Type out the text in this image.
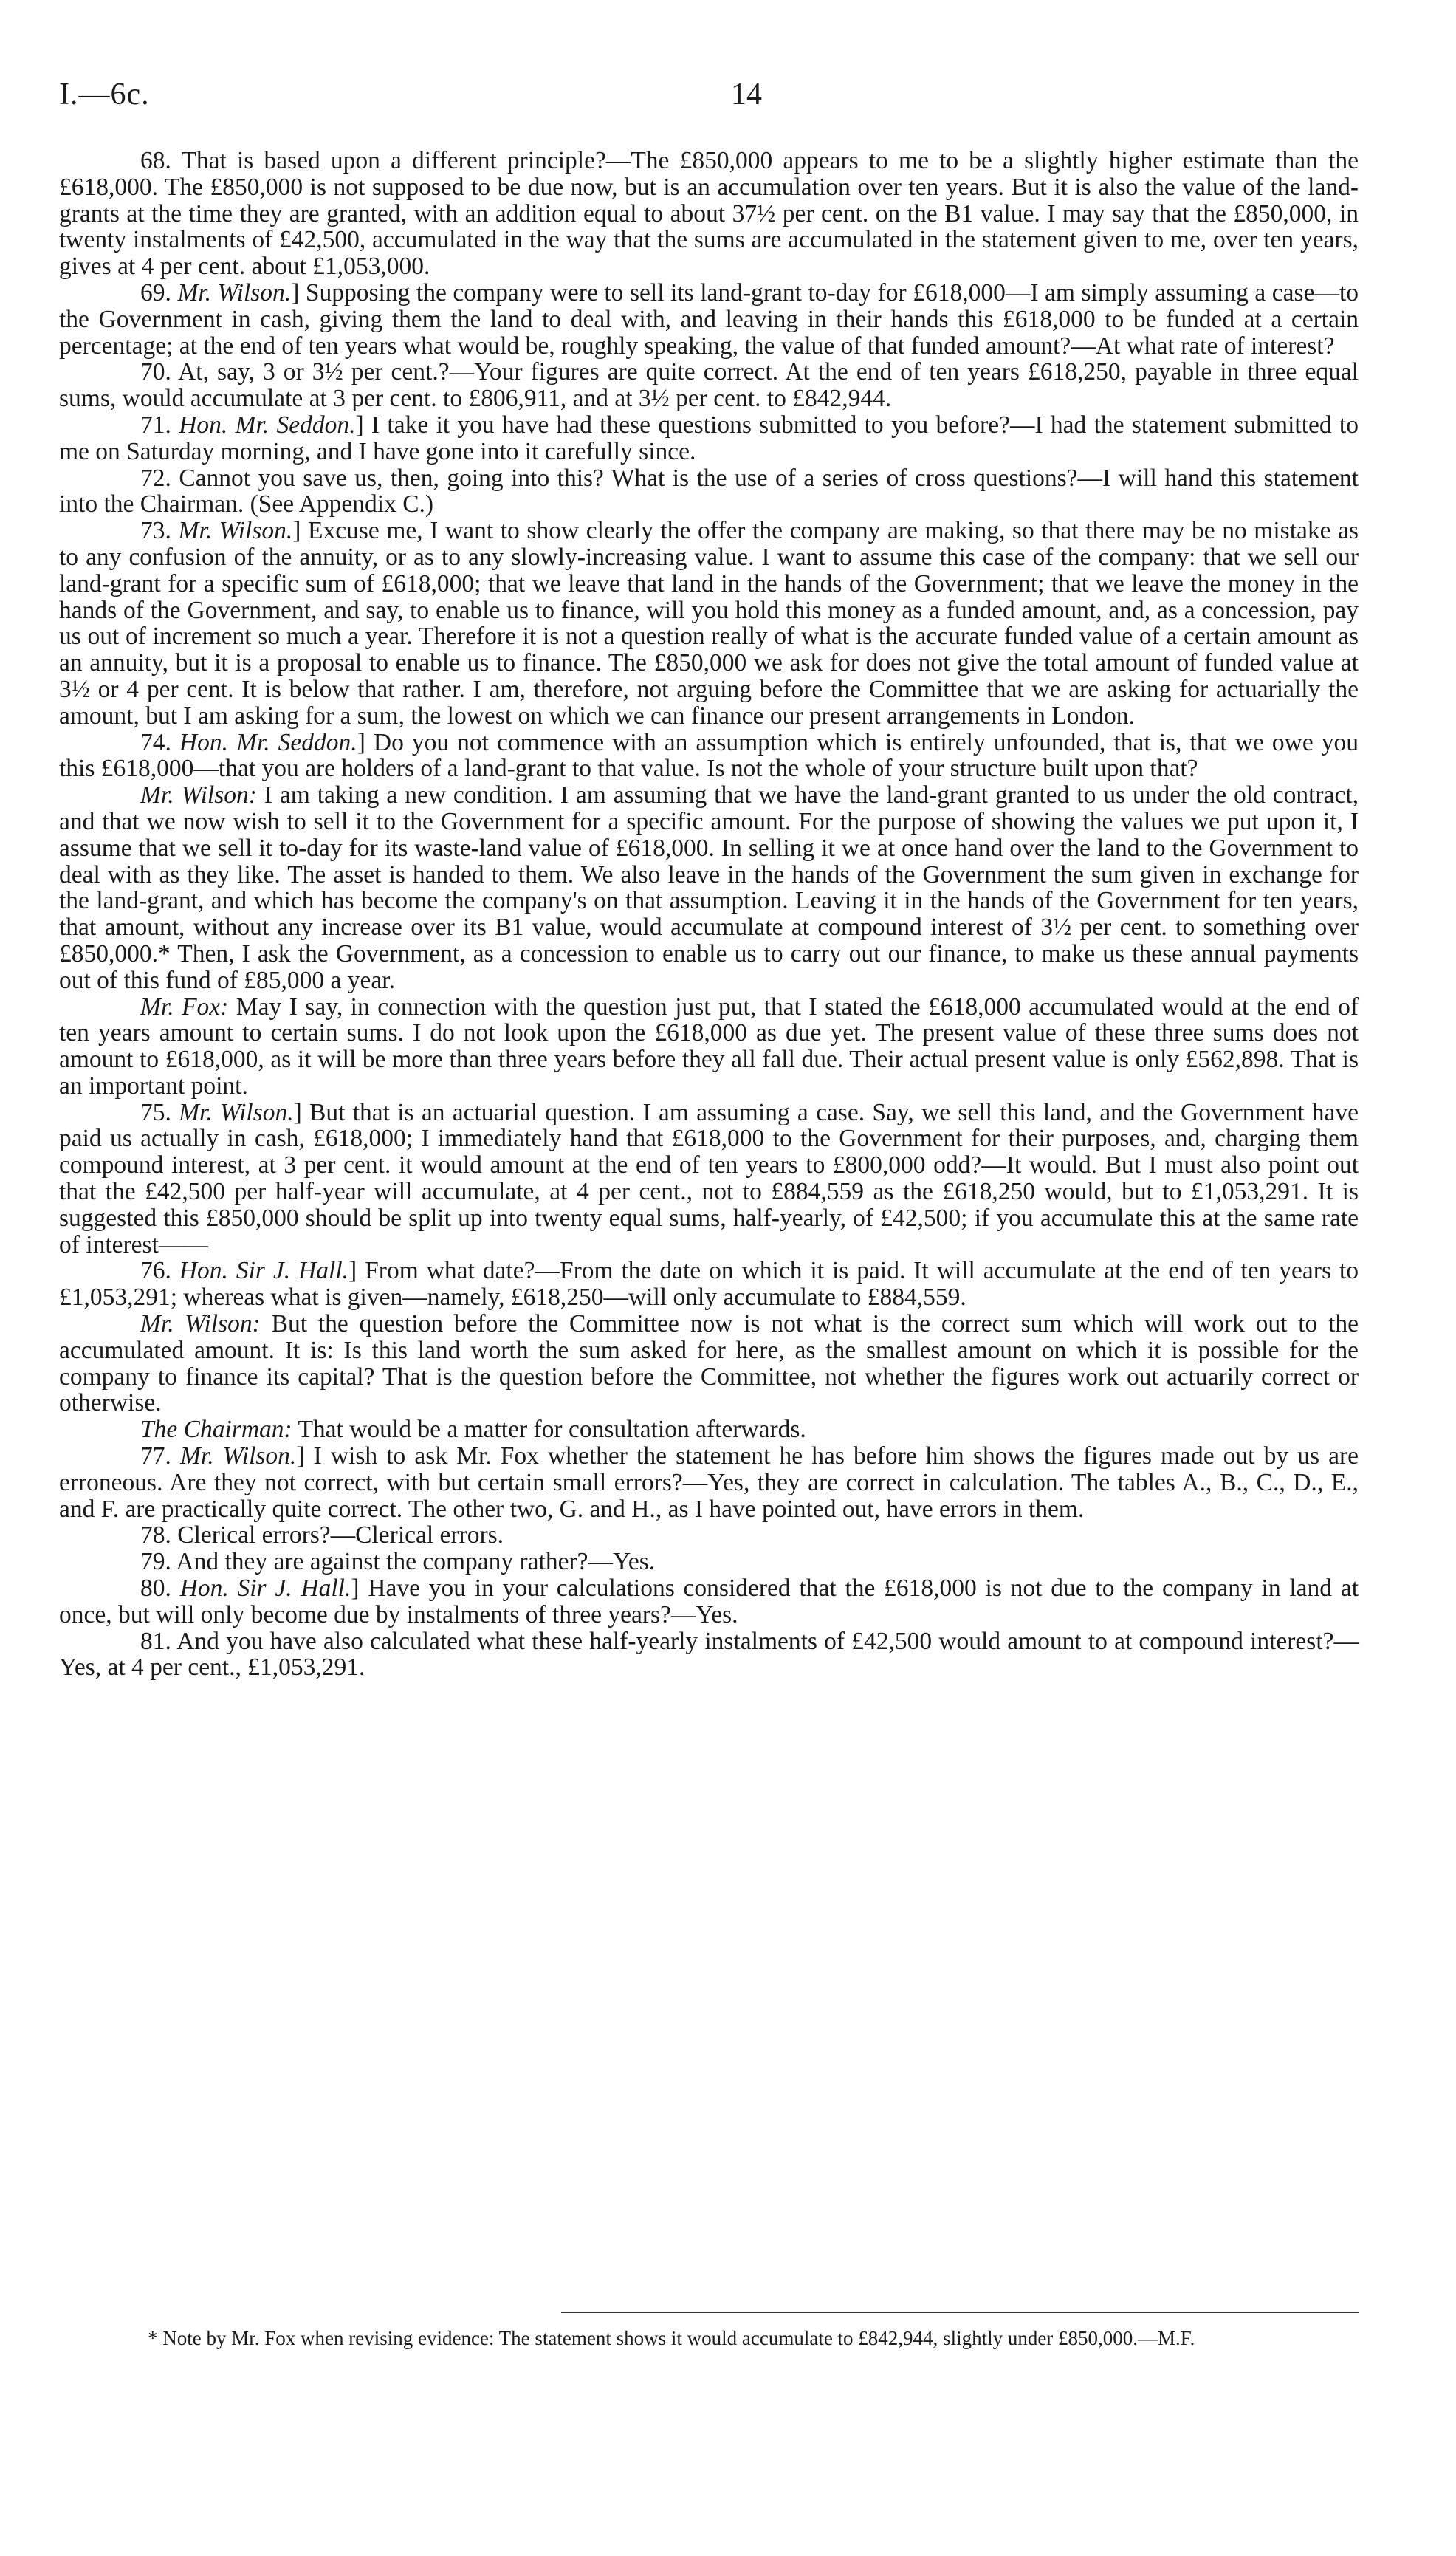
I.—6c.	14

68. That is based upon a different principle?—The £850,000 appears to me to be a slightly higher estimate than the £618,000. The £850,000 is not supposed to be due now, but is an accumulation over ten years. But it is also the value of the land-grants at the time they are granted, with an addition equal to about 37½ per cent. on the B1 value. I may say that the £850,000, in twenty instalments of £42,500, accumulated in the way that the sums are accumulated in the statement given to me, over ten years, gives at 4 per cent. about £1,053,000.

69. Mr. Wilson.] Supposing the company were to sell its land-grant to-day for £618,000—I am simply assuming a case—to the Government in cash, giving them the land to deal with, and leaving in their hands this £618,000 to be funded at a certain percentage; at the end of ten years what would be, roughly speaking, the value of that funded amount?—At what rate of interest?

70. At, say, 3 or 3½ per cent.?—Your figures are quite correct. At the end of ten years £618,250, payable in three equal sums, would accumulate at 3 per cent. to £806,911, and at 3½ per cent. to £842,944.

71. Hon. Mr. Seddon.] I take it you have had these questions submitted to you before?—I had the statement submitted to me on Saturday morning, and I have gone into it carefully since.

72. Cannot you save us, then, going into this? What is the use of a series of cross questions?—I will hand this statement into the Chairman. (See Appendix C.)

73. Mr. Wilson.] Excuse me, I want to show clearly the offer the company are making, so that there may be no mistake as to any confusion of the annuity, or as to any slowly-increasing value. I want to assume this case of the company: that we sell our land-grant for a specific sum of £618,000; that we leave that land in the hands of the Government; that we leave the money in the hands of the Government, and say, to enable us to finance, will you hold this money as a funded amount, and, as a concession, pay us out of increment so much a year. Therefore it is not a question really of what is the accurate funded value of a certain amount as an annuity, but it is a proposal to enable us to finance. The £850,000 we ask for does not give the total amount of funded value at 3½ or 4 per cent. It is below that rather. I am, therefore, not arguing before the Committee that we are asking for actuarially the amount, but I am asking for a sum, the lowest on which we can finance our present arrangements in London.

74. Hon. Mr. Seddon.] Do you not commence with an assumption which is entirely unfounded, that is, that we owe you this £618,000—that you are holders of a land-grant to that value. Is not the whole of your structure built upon that?

Mr. Wilson: I am taking a new condition. I am assuming that we have the land-grant granted to us under the old contract, and that we now wish to sell it to the Government for a specific amount. For the purpose of showing the values we put upon it, I assume that we sell it to-day for its waste-land value of £618,000. In selling it we at once hand over the land to the Government to deal with as they like. The asset is handed to them. We also leave in the hands of the Government the sum given in exchange for the land-grant, and which has become the company's on that assumption. Leaving it in the hands of the Government for ten years, that amount, without any increase over its B1 value, would accumulate at compound interest of 3½ per cent. to something over £850,000.* Then, I ask the Government, as a concession to enable us to carry out our finance, to make us these annual payments out of this fund of £85,000 a year.

Mr. Fox: May I say, in connection with the question just put, that I stated the £618,000 accumulated would at the end of ten years amount to certain sums. I do not look upon the £618,000 as due yet. The present value of these three sums does not amount to £618,000, as it will be more than three years before they all fall due. Their actual present value is only £562,898. That is an important point.

75. Mr. Wilson.] But that is an actuarial question. I am assuming a case. Say, we sell this land, and the Government have paid us actually in cash, £618,000; I immediately hand that £618,000 to the Government for their purposes, and, charging them compound interest, at 3 per cent. it would amount at the end of ten years to £800,000 odd?—It would. But I must also point out that the £42,500 per half-year will accumulate, at 4 per cent., not to £884,559 as the £618,250 would, but to £1,053,291. It is suggested this £850,000 should be split up into twenty equal sums, half-yearly, of £42,500; if you accumulate this at the same rate of interest——

76. Hon. Sir J. Hall.] From what date?—From the date on which it is paid. It will accumulate at the end of ten years to £1,053,291; whereas what is given—namely, £618,250—will only accumulate to £884,559.

Mr. Wilson: But the question before the Committee now is not what is the correct sum which will work out to the accumulated amount. It is: Is this land worth the sum asked for here, as the smallest amount on which it is possible for the company to finance its capital? That is the question before the Committee, not whether the figures work out actuarily correct or otherwise.

The Chairman: That would be a matter for consultation afterwards.

77. Mr. Wilson.] I wish to ask Mr. Fox whether the statement he has before him shows the figures made out by us are erroneous. Are they not correct, with but certain small errors?—Yes, they are correct in calculation. The tables A., B., C., D., E., and F. are practically quite correct. The other two, G. and H., as I have pointed out, have errors in them.

78. Clerical errors?—Clerical errors.

79. And they are against the company rather?—Yes.

80. Hon. Sir J. Hall.] Have you in your calculations considered that the £618,000 is not due to the company in land at once, but will only become due by instalments of three years?—Yes.

81. And you have also calculated what these half-yearly instalments of £42,500 would amount to at compound interest?—Yes, at 4 per cent., £1,053,291.

* Note by Mr. Fox when revising evidence: The statement shows it would accumulate to £842,944, slightly under £850,000.—M.F.
